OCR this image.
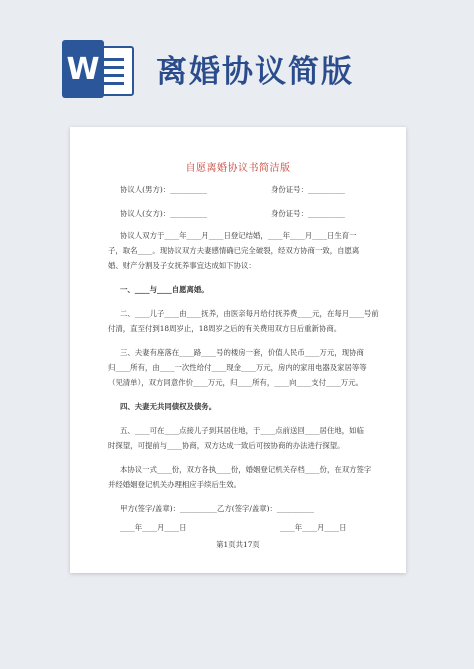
W 离婚协议简版
自愿离婚协议书简洁版
协议人(男方)：__________	身份证号：__________
协议人(女方)：__________	身份证号：__________
协议人双方于____年____月____日登记结婚，____年____月____日生育一
子，取名____。现协议双方夫妻感情确已完全破裂，经双方协商一致，自愿离
婚、财产分割及子女抚养事宜达成如下协议：
一、____与____自愿离婚。
二、____儿子____由____抚养，由医亲每月给付抚养费____元，在每月____号前
付清，直至付到18周岁止，18周岁之后的有关费用双方日后重新协商。
三、夫妻有座落在____路____号的楼房一套，价值人民币____万元，现协商
归____所有，由____一次性给付____现金____万元，房内的家用电器及家居等等
（见清单），双方同意作价____万元，归____所有，____向____支付____万元。
四、夫妻无共同债权及债务。
五、____可在____点接儿子到其居住地，于____点前送回____居住地，如临
时探望，可提前与____协商，双方达成一致后可按协商的办法进行探望。
本协议一式____份，双方各执____份，婚姻登记机关存档____份，在双方签字
并经婚姻登记机关办理相应手续后生效。
甲方(签字/盖章)：__________乙方(签字/盖章)：__________
____年____月____日	____年____月____日
第1页共17页
